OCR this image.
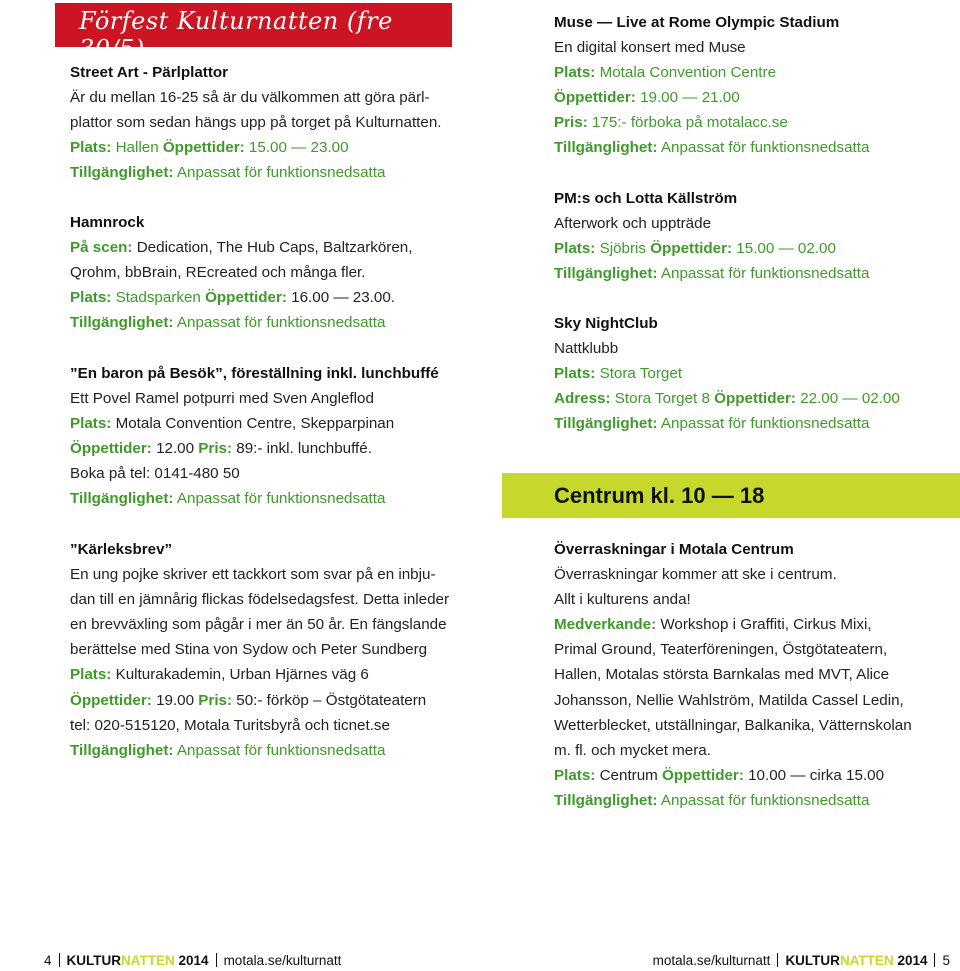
Förfest Kulturnatten (fre 30/5)
Street Art - Pärlplattor
Är du mellan 16-25 så är du välkommen att göra pärl-
plattor som sedan hängs upp på torget på Kulturnatten.
Plats: Hallen Öppettider: 15.00 — 23.00
Tillgänglighet: Anpassat för funktionsnedsatta
Hamnrock
På scen: Dedication, The Hub Caps, Baltzarkören,
Qrohm, bbBrain, REcreated och många fler.
Plats: Stadsparken Öppettider: 16.00 — 23.00.
Tillgänglighet: Anpassat för funktionsnedsatta
”En baron på Besök”, föreställning inkl. lunchbuffé
Ett Povel Ramel potpurri med Sven Angleflod
Plats: Motala Convention Centre, Skepparpinan
Öppettider: 12.00 Pris: 89:- inkl. lunchbuffé.
Boka på tel: 0141-480 50
Tillgänglighet: Anpassat för funktionsnedsatta
”Kärleksbrev”
En ung pojke skriver ett tackkort som svar på en inbju-
dan till en jämnårig flickas födelsedagsfest. Detta inleder
en brevväxling som pågår i mer än 50 år. En fängslande
berättelse med Stina von Sydow och Peter Sundberg
Plats: Kulturakademin, Urban Hjärnes väg 6
Öppettider: 19.00 Pris: 50:- förköp – Östgötateatern
tel: 020-515120, Motala Turitsbyrå och ticnet.se
Tillgänglighet: Anpassat för funktionsnedsatta
Muse — Live at Rome Olympic Stadium
En digital konsert med Muse
Plats: Motala Convention Centre
Öppettider: 19.00 — 21.00
Pris: 175:- förboka på motalacc.se
Tillgänglighet: Anpassat för funktionsnedsatta
PM:s och Lotta Källström
Afterwork och uppträde
Plats: Sjöbris Öppettider: 15.00 — 02.00
Tillgänglighet: Anpassat för funktionsnedsatta
Sky NightClub
Nattklubb
Plats: Stora Torget
Adress: Stora Torget 8 Öppettider: 22.00 — 02.00
Tillgänglighet: Anpassat för funktionsnedsatta
Centrum kl. 10 — 18
Överraskningar i Motala Centrum
Överraskningar kommer att ske i centrum.
Allt i kulturens anda!
Medverkande: Workshop i Graffiti, Cirkus Mixi,
Primal Ground, Teaterföreningen, Östgötateatern,
Hallen, Motalas största Barnkalas med MVT, Alice
Johansson, Nellie Wahlström, Matilda Cassel Ledin,
Wetterblecket, utställningar, Balkanika, Vätternskolan
m. fl. och mycket mera.
Plats: Centrum Öppettider: 10.00 — cirka 15.00
Tillgänglighet: Anpassat för funktionsnedsatta
4 KULTURNATTEN 2014 motala.se/kulturnatt	motala.se/kulturnatt KULTURNATTEN 2014 5
